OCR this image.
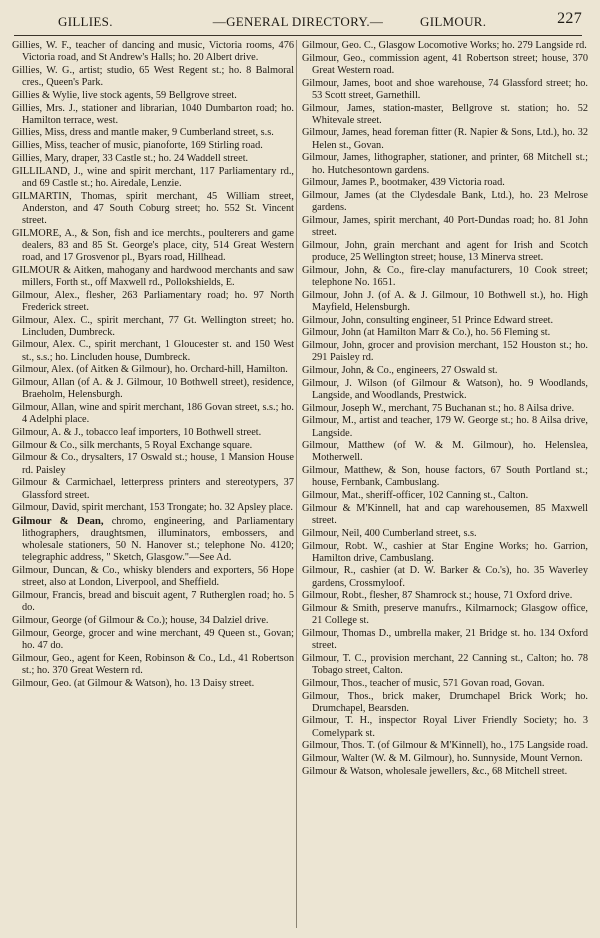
GILLIES.	—GENERAL DIRECTORY.—	227
GILMOUR.
Gillies, W. F., teacher of dancing and music, Victoria rooms, 476 Victoria road, and St Andrew's Halls; ho. 20 Albert drive.
Gillies, W. G., artist; studio, 65 West Regent st.; ho. 8 Balmoral cres., Queen's Park.
Gillies & Wylie, live stock agents, 59 Bellgrove street.
Gillies, Mrs. J., stationer and librarian, 1040 Dumbarton road; ho. Hamilton terrace, west.
Gillies, Miss, dress and mantle maker, 9 Cumberland street, s.s.
Gillies, Miss, teacher of music, pianoforte, 169 Stirling road.
Gillies, Mary, draper, 33 Castle st.; ho. 24 Waddell street.
GILLILAND, J., wine and spirit merchant, 117 Parliamentary rd., and 69 Castle st.; ho. Airedale, Lenzie.
GILMARTIN, Thomas, spirit merchant, 45 William street, Anderston, and 47 South Coburg street; ho. 552 St. Vincent street.
GILMORE, A., & Son, fish and ice merchts., poulterers and game dealers, 83 and 85 St. George's place, city, 514 Great Western road, and 17 Grosvenor pl., Byars road, Hillhead.
GILMOUR & Aitken, mahogany and hardwood merchants and saw millers, Forth st., off Maxwell rd., Pollokshields, E.
Gilmour, Alex., flesher, 263 Parliamentary road; ho. 97 North Frederick street.
Gilmour, Alex. C., spirit merchant, 77 Gt. Wellington street; ho. Lincluden, Dumbreck.
Gilmour, Alex. C., spirit merchant, 1 Gloucester st. and 150 West st., s.s.; ho. Lincluden house, Dumbreck.
Gilmour, Alex. (of Aitken & Gilmour), ho. Orchard-hill, Hamilton.
Gilmour, Allan (of A. & J. Gilmour, 10 Bothwell street), residence, Braeholm, Helensburgh.
Gilmour, Allan, wine and spirit merchant, 186 Govan street, s.s.; ho. 4 Adelphi place.
Gilmour, A. & J., tobacco leaf importers, 10 Bothwell street.
Gilmour & Co., silk merchants, 5 Royal Exchange square.
Gilmour & Co., drysalters, 17 Oswald st.; house, 1 Mansion House rd. Paisley
Gilmour & Carmichael, letterpress printers and stereotypers, 37 Glassford street.
Gilmour, David, spirit merchant, 153 Trongate; ho. 32 Apsley place.
Gilmour & Dean, chromo, engineering, and Parliamentary lithographers, draughtsmen, illuminators, embossers, and wholesale stationers, 50 N. Hanover st.; telephone No. 4120; telegraphic address, " Sketch, Glasgow."—See Ad.
Gilmour, Duncan, & Co., whisky blenders and exporters, 56 Hope street, also at London, Liverpool, and Sheffield.
Gilmour, Francis, bread and biscuit agent, 7 Rutherglen road; ho. 5 do.
Gilmour, George (of Gilmour & Co.); house, 34 Dalziel drive.
Gilmour, George, grocer and wine merchant, 49 Queen st., Govan; ho. 47 do.
Gilmour, Geo., agent for Keen, Robinson & Co., Ld., 41 Robertson st.; ho. 370 Great Western rd.
Gilmour, Geo. (at Gilmour & Watson), ho. 13 Daisy street.
Gilmour, Geo. C., Glasgow Locomotive Works; ho. 279 Langside rd.
Gilmour, Geo., commission agent, 41 Robertson street; house, 370 Great Western road.
Gilmour, James, boot and shoe warehouse, 74 Glassford street; ho. 53 Scott street, Garnethill.
Gilmour, James, station-master, Bellgrove st. station; ho. 52 Whitevale street.
Gilmour, James, head foreman fitter (R. Napier & Sons, Ltd.), ho. 32 Helen st., Govan.
Gilmour, James, lithographer, stationer, and printer, 68 Mitchell st.; ho. Hutchesontown gardens.
Gilmour, James P., bootmaker, 439 Victoria road.
Gilmour, James (at the Clydesdale Bank, Ltd.), ho. 23 Melrose gardens.
Gilmour, James, spirit merchant, 40 Port-Dundas road; ho. 81 John street.
Gilmour, John, grain merchant and agent for Irish and Scotch produce, 25 Wellington street; house, 13 Minerva street.
Gilmour, John, & Co., fire-clay manufacturers, 10 Cook street; telephone No. 1651.
Gilmour, John J. (of A. & J. Gilmour, 10 Bothwell st.), ho. High Mayfield, Helensburgh.
Gilmour, John, consulting engineer, 51 Prince Edward street.
Gilmour, John (at Hamilton Marr & Co.), ho. 56 Fleming st.
Gilmour, John, grocer and provision merchant, 152 Houston st.; ho. 291 Paisley rd.
Gilmour, John, & Co., engineers, 27 Oswald st.
Gilmour, J. Wilson (of Gilmour & Watson), ho. 9 Woodlands, Langside, and Woodlands, Prestwick.
Gilmour, Joseph W., merchant, 75 Buchanan st.; ho. 8 Ailsa drive.
Gilmour, M., artist and teacher, 179 W. George st.; ho. 8 Ailsa drive, Langside.
Gilmour, Matthew (of W. & M. Gilmour), ho. Helenslea, Motherwell.
Gilmour, Matthew, & Son, house factors, 67 South Portland st.; house, Fernbank, Cambuslang.
Gilmour, Mat., sheriff-officer, 102 Canning st., Calton.
Gilmour & M'Kinnell, hat and cap warehousemen, 85 Maxwell street.
Gilmour, Neil, 400 Cumberland street, s.s.
Gilmour, Robt. W., cashier at Star Engine Works; ho. Garrion, Hamilton drive, Cambuslang.
Gilmour, R., cashier (at D. W. Barker & Co.'s), ho. 35 Waverley gardens, Crossmyloof.
Gilmour, Robt., flesher, 87 Shamrock st.; house, 71 Oxford drive.
Gilmour & Smith, preserve manufrs., Kilmarnock; Glasgow office, 21 College st.
Gilmour, Thomas D., umbrella maker, 21 Bridge st. ho. 134 Oxford street.
Gilmour, T. C., provision merchant, 22 Canning st., Calton; ho. 78 Tobago street, Calton.
Gilmour, Thos., teacher of music, 571 Govan road, Govan.
Gilmour, Thos., brick maker, Drumchapel Brick Work; ho. Drumchapel, Bearsden.
Gilmour, T. H., inspector Royal Liver Friendly Society; ho. 3 Comelypark st.
Gilmour, Thos. T. (of Gilmour & M'Kinnell), ho., 175 Langside road.
Gilmour, Walter (W. & M. Gilmour), ho. Sunnyside, Mount Vernon.
Gilmour & Watson, wholesale jewellers, &c., 68 Mitchell street.
